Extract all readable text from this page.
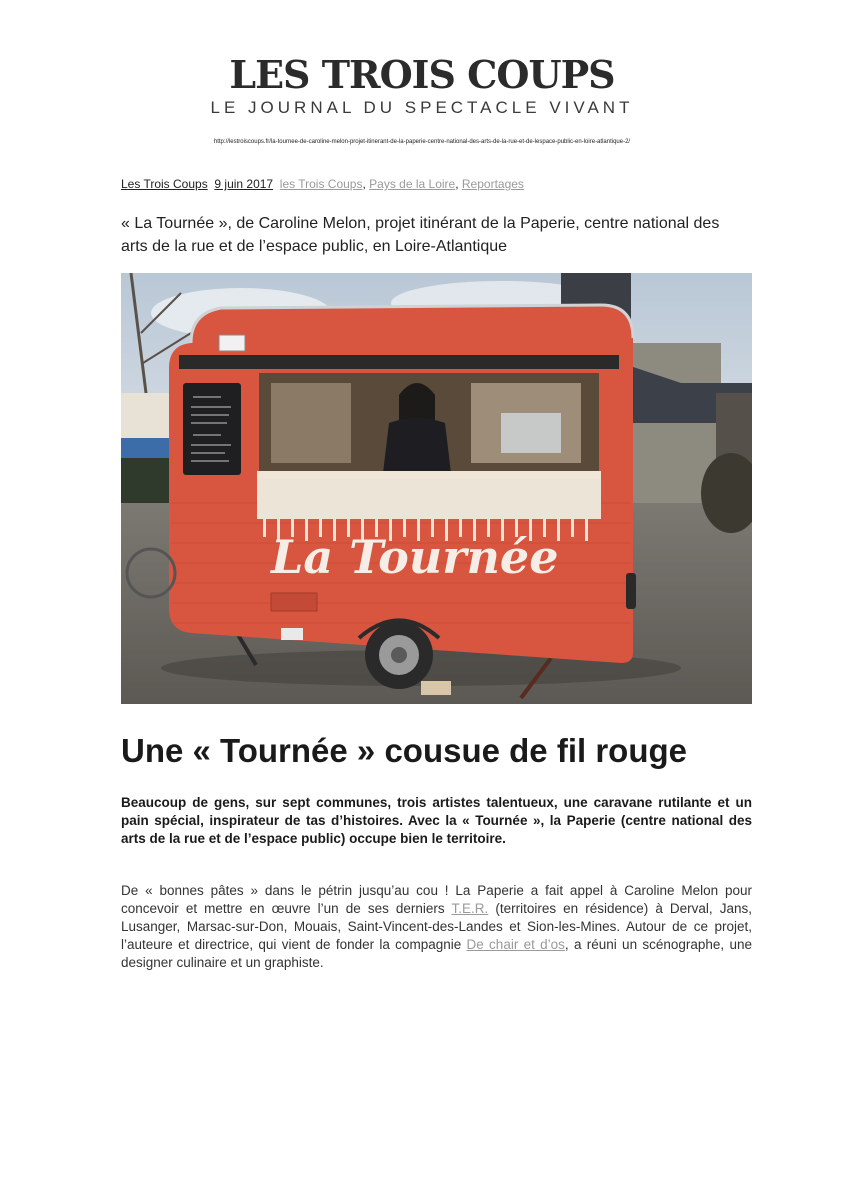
LES TROIS COUPS
LE JOURNAL DU SPECTACLE VIVANT
http://lestroiscoups.fr/la-tournee-de-caroline-melon-projet-itinerant-de-la-paperie-centre-national-des-arts-de-la-rue-et-de-lespace-public-en-loire-atlantique-2/
Les Trois Coups 9 juin 2017 les Trois Coups, Pays de la Loire, Reportages
« La Tournée », de Caroline Melon, projet itinérant de la Paperie, centre national des arts de la rue et de l’espace public, en Loire-Atlantique
La Tournée
Une « Tournée » cousue de fil rouge
Beaucoup de gens, sur sept communes, trois artistes talentueux, une caravane rutilante et un pain spécial, inspirateur de tas d’histoires. Avec la « Tournée », la Paperie (centre national des arts de la rue et de l’espace public) occupe bien le territoire.
De « bonnes pâtes » dans le pétrin jusqu’au cou ! La Paperie a fait appel à Caroline Melon pour concevoir et mettre en œuvre l’un de ses derniers T.E.R. (territoires en résidence) à Derval, Jans, Lusanger, Marsac-sur-Don, Mouais, Saint-Vincent-des-Landes et Sion-les-Mines. Autour de ce projet, l’auteure et directrice, qui vient de fonder la compagnie De chair et d’os, a réuni un scénographe, une designer culinaire et un graphiste.
